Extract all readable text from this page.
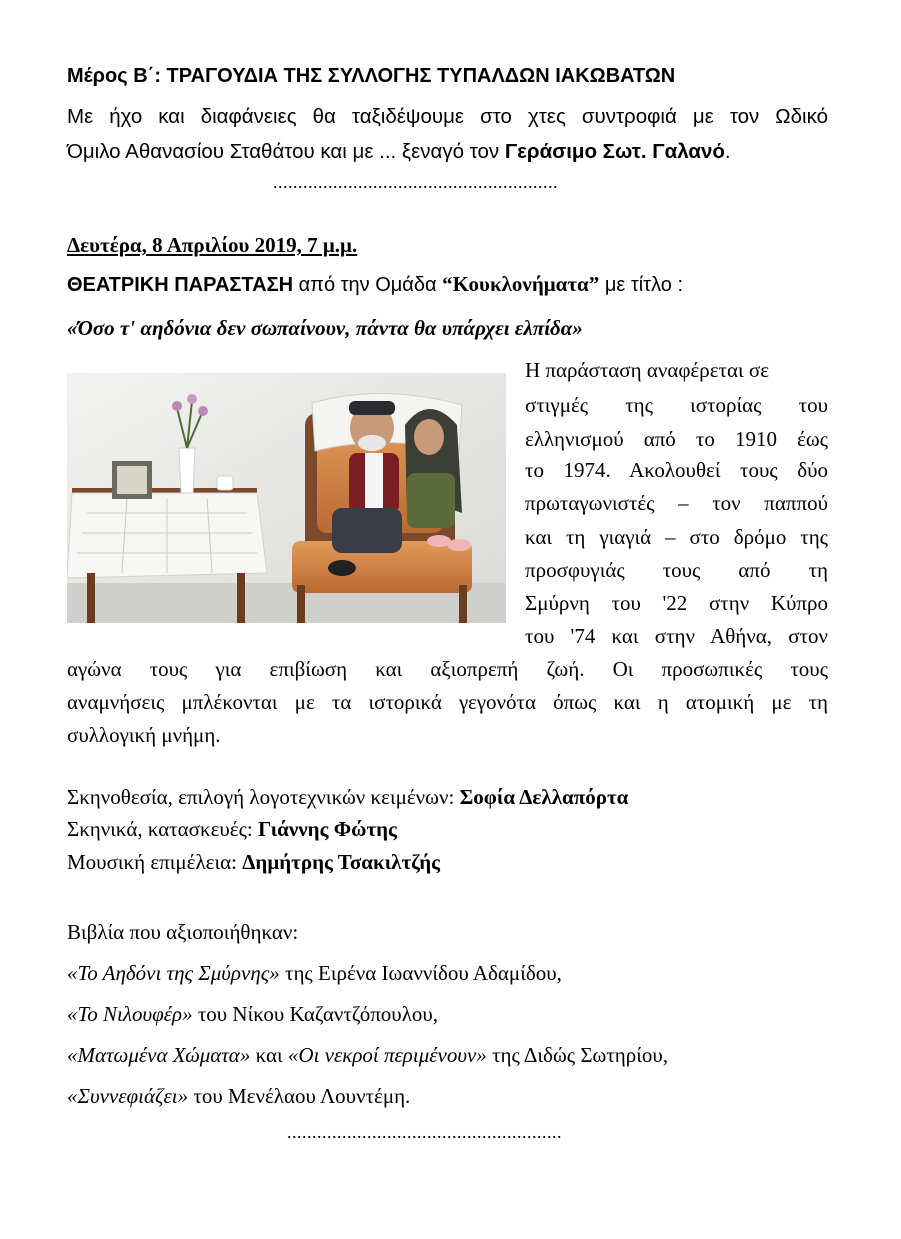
Μέρος Β΄: ΤΡΑΓΟΥΔΙΑ ΤΗΣ ΣΥΛΛΟΓΗΣ ΤΥΠΑΛΔΩΝ ΙΑΚΩΒΑΤΩΝ
Με ήχο και διαφάνειες θα ταξιδέψουμε στο χτες συντροφιά με τον Ωδικό
Όμιλο Αθανασίου Σταθάτου και με ... ξεναγό τον Γεράσιμο Σωτ. Γαλανό.
.........................................................
Δευτέρα, 8 Απριλίου 2019, 7 μ.μ.
ΘΕΑΤΡΙΚΗ ΠΑΡΑΣΤΑΣΗ από την Ομάδα “Κουκλονήματα” με τίτλο :
«Όσο τ' αηδόνια δεν σωπαίνουν, πάντα θα υπάρχει ελπίδα»
Η παράσταση αναφέρεται σε
στιγμές της ιστορίας του
ελληνισμού από το 1910 έως
το 1974. Ακολουθεί τους δύο
πρωταγωνιστές – τον παππού
και τη γιαγιά – στο δρόμο της
προσφυγιάς τους από τη
Σμύρνη του '22 στην Κύπρο
του '74 και στην Αθήνα, στον
αγώνα τους για επιβίωση και αξιοπρεπή ζωή. Οι προσωπικές τους
αναμνήσεις μπλέκονται με τα ιστορικά γεγονότα όπως και η ατομική με τη
συλλογική μνήμη.
Σκηνοθεσία, επιλογή λογοτεχνικών κειμένων: Σοφία Δελλαπόρτα
Σκηνικά, κατασκευές: Γιάννης Φώτης
Μουσική επιμέλεια: Δημήτρης Τσακιλτζής
Βιβλία που αξιοποιήθηκαν:
«Το Αηδόνι της Σμύρνης» της Ειρένα Ιωαννίδου Αδαμίδου,
«Το Νιλουφέρ» του Νίκου Καζαντζόπουλου,
«Ματωμένα Χώματα» και «Οι νεκροί περιμένουν» της Διδώς Σωτηρίου,
«Συννεφιάζει» του Μενέλαου Λουντέμη.
.......................................................
